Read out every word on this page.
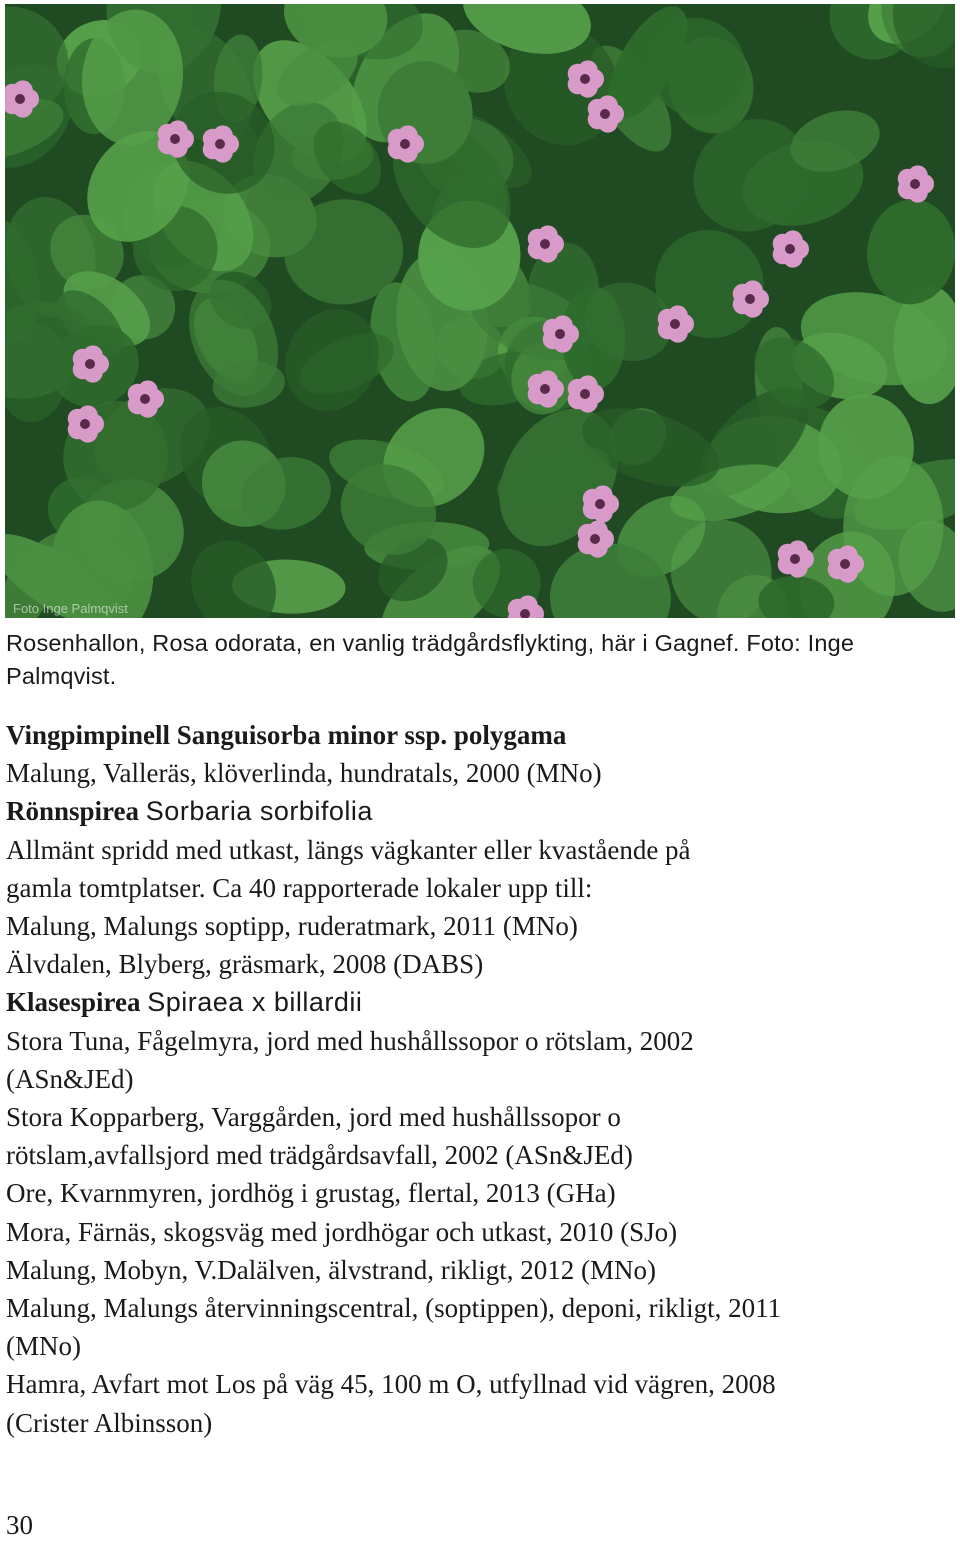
Foto Inge Palmqvist
Rosenhallon, Rosa odorata, en vanlig trädgårdsflykting, här i Gagnef. Foto: Inge Palmqvist.
Vingpimpinell Sanguisorba minor ssp. polygama
Malung, Valleräs, klöverlinda, hundratals, 2000 (MNo)
Rönnspirea Sorbaria sorbifolia
Allmänt spridd med utkast, längs vägkanter eller kvastående på
gamla tomtplatser. Ca 40 rapporterade lokaler upp till:
Malung, Malungs soptipp, ruderatmark, 2011 (MNo)
Älvdalen, Blyberg, gräsmark, 2008 (DABS)
Klasespirea Spiraea x billardii
Stora Tuna, Fågelmyra, jord med hushållssopor o rötslam, 2002
(ASn&JEd)
Stora Kopparberg, Varggården, jord med hushållssopor o
rötslam,avfallsjord med trädgårdsavfall, 2002 (ASn&JEd)
Ore, Kvarnmyren, jordhög i grustag, flertal, 2013 (GHa)
Mora, Färnäs, skogsväg med jordhögar och utkast, 2010 (SJo)
Malung, Mobyn, V.Dalälven, älvstrand, rikligt, 2012 (MNo)
Malung, Malungs återvinningscentral, (soptippen), deponi, rikligt, 2011
(MNo)
Hamra, Avfart mot Los på väg 45, 100 m O, utfyllnad vid vägren, 2008
(Crister Albinsson)
30
